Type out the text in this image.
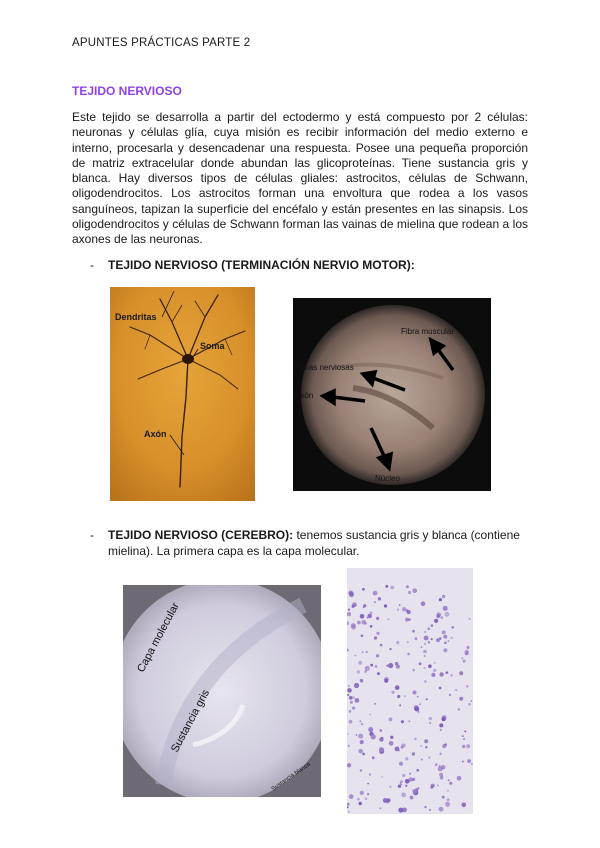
APUNTES PRÁCTICAS PARTE 2
TEJIDO NERVIOSO

Este tejido se desarrolla a partir del ectodermo y está compuesto por 2 células: neuronas y células glía, cuya misión es recibir información del medio externo e interno, procesarla y desencadenar una respuesta. Posee una pequeña proporción de matriz extracelular donde abundan las glicoproteínas. Tiene sustancia gris y blanca. Hay diversos tipos de células gliales: astrocitos, células de Schwann, oligodendrocitos. Los astrocitos forman una envoltura que rodea a los vasos sanguíneos, tapizan la superficie del encéfalo y están presentes en las sinapsis. Los oligodendrocitos y células de Schwann forman las vainas de mielina que rodean a los axones de las neuronas.

- TEJIDO NERVIOSO (TERMINACIÓN NERVIO MOTOR):
Dendritas
Soma
Axón
Fibra muscular
Fibras nerviosas
Axón
Núcleo
- TEJIDO NERVIOSO (CEREBRO): tenemos sustancia gris y blanca (contiene mielina). La primera capa es la capa molecular.
Capa molecular
Sustancia gris
Sustancia blanca
